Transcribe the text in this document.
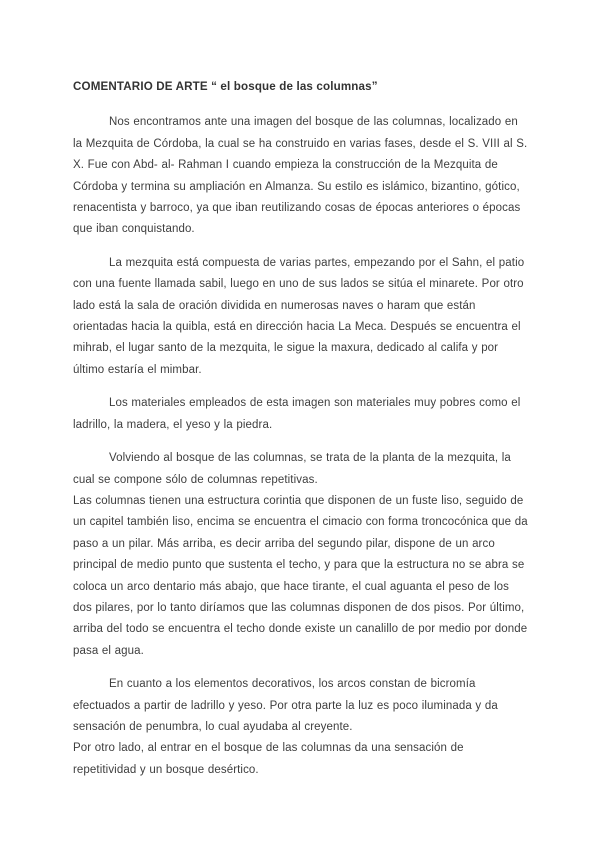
COMENTARIO DE ARTE “ el bosque de las columnas”

Nos encontramos ante una imagen del bosque de las columnas, localizado en la Mezquita de Córdoba, la cual se ha construido en varias fases, desde el S. VIII al S. X. Fue con Abd- al- Rahman I cuando empieza la construcción de la Mezquita de Córdoba y termina su ampliación en Almanza. Su estilo es islámico, bizantino, gótico, renacentista y barroco, ya que iban reutilizando cosas de épocas anteriores o épocas que iban conquistando.

La mezquita está compuesta de varias partes, empezando por el Sahn, el patio con una fuente llamada sabil, luego en uno de sus lados se sitúa el minarete. Por otro lado está la sala de oración dividida en numerosas naves o haram que están orientadas hacia la quibla, está en dirección hacia La Meca. Después se encuentra el mihrab, el lugar santo de la mezquita, le sigue la maxura, dedicado al califa y por último estaría el mimbar.

Los materiales empleados de esta imagen son materiales muy pobres como el ladrillo, la madera, el yeso y la piedra.

Volviendo al bosque de las columnas, se trata de la planta de la mezquita, la cual se compone sólo de columnas repetitivas.

Las columnas tienen una estructura corintia que disponen de un fuste liso, seguido de un capitel también liso, encima se encuentra el cimacio con forma troncocónica que da paso a un pilar. Más arriba, es decir arriba del segundo pilar, dispone de un arco principal de medio punto que sustenta el techo, y para que la estructura no se abra se coloca un arco dentario más abajo, que hace tirante, el cual aguanta el peso de los dos pilares, por lo tanto diríamos que las columnas disponen de dos pisos. Por último, arriba del todo se encuentra el techo donde existe un canalillo de por medio por donde pasa el agua.

En cuanto a los elementos decorativos, los arcos constan de bicromía efectuados a partir de ladrillo y yeso. Por otra parte la luz es poco iluminada y da sensación de penumbra, lo cual ayudaba al creyente.

Por otro lado, al entrar en el bosque de las columnas da una sensación de repetitividad y un bosque desértico.
